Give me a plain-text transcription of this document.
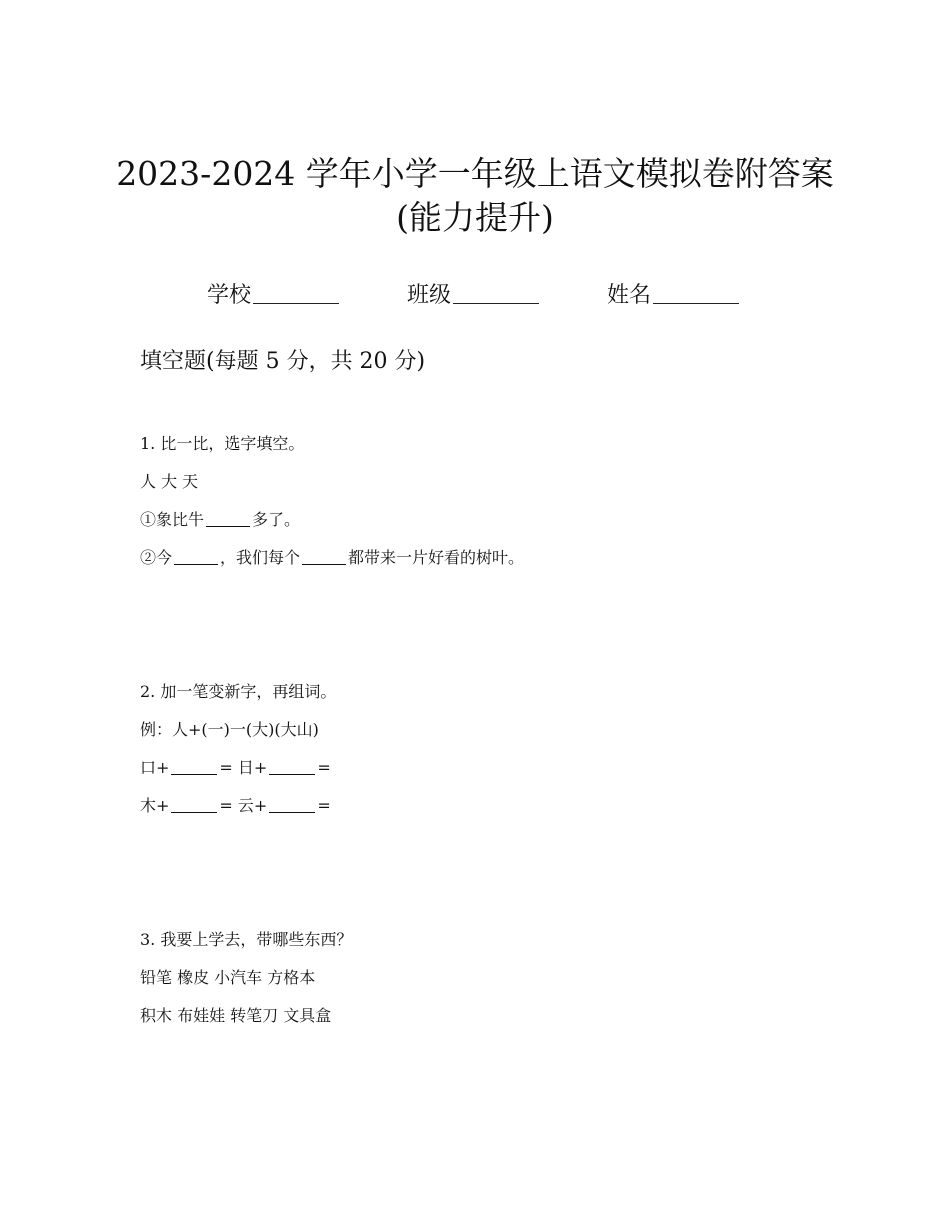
2023-2024 学年小学一年级上语文模拟卷附答案
(能力提升)
学校	班级	姓名
填空题(每题 5 分，共 20 分)
1. 比一比，选字填空。
人 大 天
①象比牛	多了。
②今	，我们每个	都带来一片好看的树叶。
2. 加一笔变新字，再组词。
例：人+(一)一(大)(大山)
口+	= 日+	=
木+	= 云+	=
3. 我要上学去，带哪些东西？
铅笔 橡皮 小汽车 方格本
积木 布娃娃 转笔刀 文具盒
